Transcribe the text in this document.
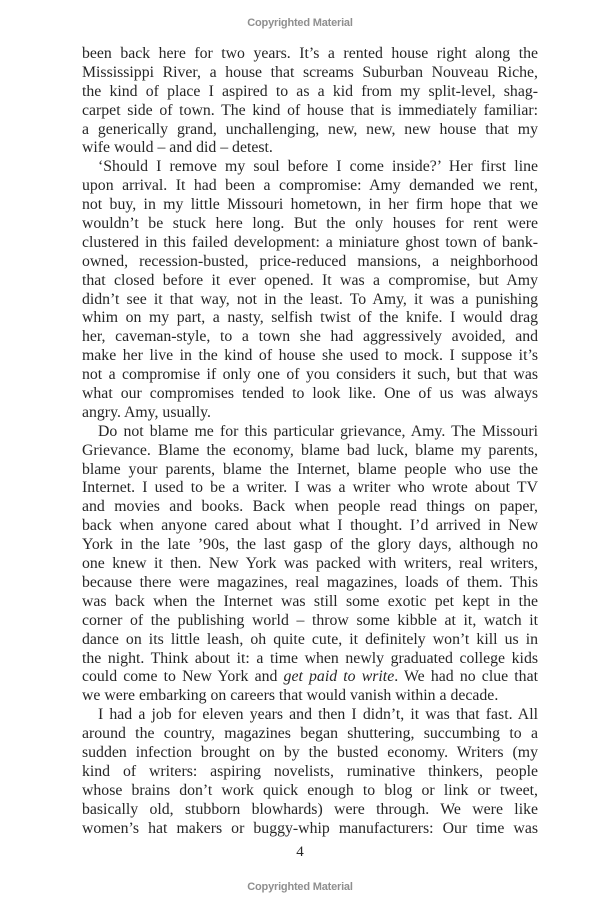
Copyrighted Material
been back here for two years. It’s a rented house right along the
Mississippi River, a house that screams Suburban Nouveau Riche,
the kind of place I aspired to as a kid from my split-level, shag-
carpet side of town. The kind of house that is immediately familiar:
a generically grand, unchallenging, new, new, new house that my
wife would – and did – detest.
‘Should I remove my soul before I come inside?’ Her first line
upon arrival. It had been a compromise: Amy demanded we rent,
not buy, in my little Missouri hometown, in her firm hope that we
wouldn’t be stuck here long. But the only houses for rent were
clustered in this failed development: a miniature ghost town of bank-
owned, recession-busted, price-reduced mansions, a neighborhood
that closed before it ever opened. It was a compromise, but Amy
didn’t see it that way, not in the least. To Amy, it was a punishing
whim on my part, a nasty, selfish twist of the knife. I would drag
her, caveman-style, to a town she had aggressively avoided, and
make her live in the kind of house she used to mock. I suppose it’s
not a compromise if only one of you considers it such, but that was
what our compromises tended to look like. One of us was always
angry. Amy, usually.
Do not blame me for this particular grievance, Amy. The Missouri
Grievance. Blame the economy, blame bad luck, blame my parents,
blame your parents, blame the Internet, blame people who use the
Internet. I used to be a writer. I was a writer who wrote about TV
and movies and books. Back when people read things on paper,
back when anyone cared about what I thought. I’d arrived in New
York in the late ’90s, the last gasp of the glory days, although no
one knew it then. New York was packed with writers, real writers,
because there were magazines, real magazines, loads of them. This
was back when the Internet was still some exotic pet kept in the
corner of the publishing world – throw some kibble at it, watch it
dance on its little leash, oh quite cute, it definitely won’t kill us in
the night. Think about it: a time when newly graduated college kids
could come to New York and get paid to write. We had no clue that
we were embarking on careers that would vanish within a decade.
I had a job for eleven years and then I didn’t, it was that fast. All
around the country, magazines began shuttering, succumbing to a
sudden infection brought on by the busted economy. Writers (my
kind of writers: aspiring novelists, ruminative thinkers, people
whose brains don’t work quick enough to blog or link or tweet,
basically old, stubborn blowhards) were through. We were like
women’s hat makers or buggy-whip manufacturers: Our time was
4
Copyrighted Material
